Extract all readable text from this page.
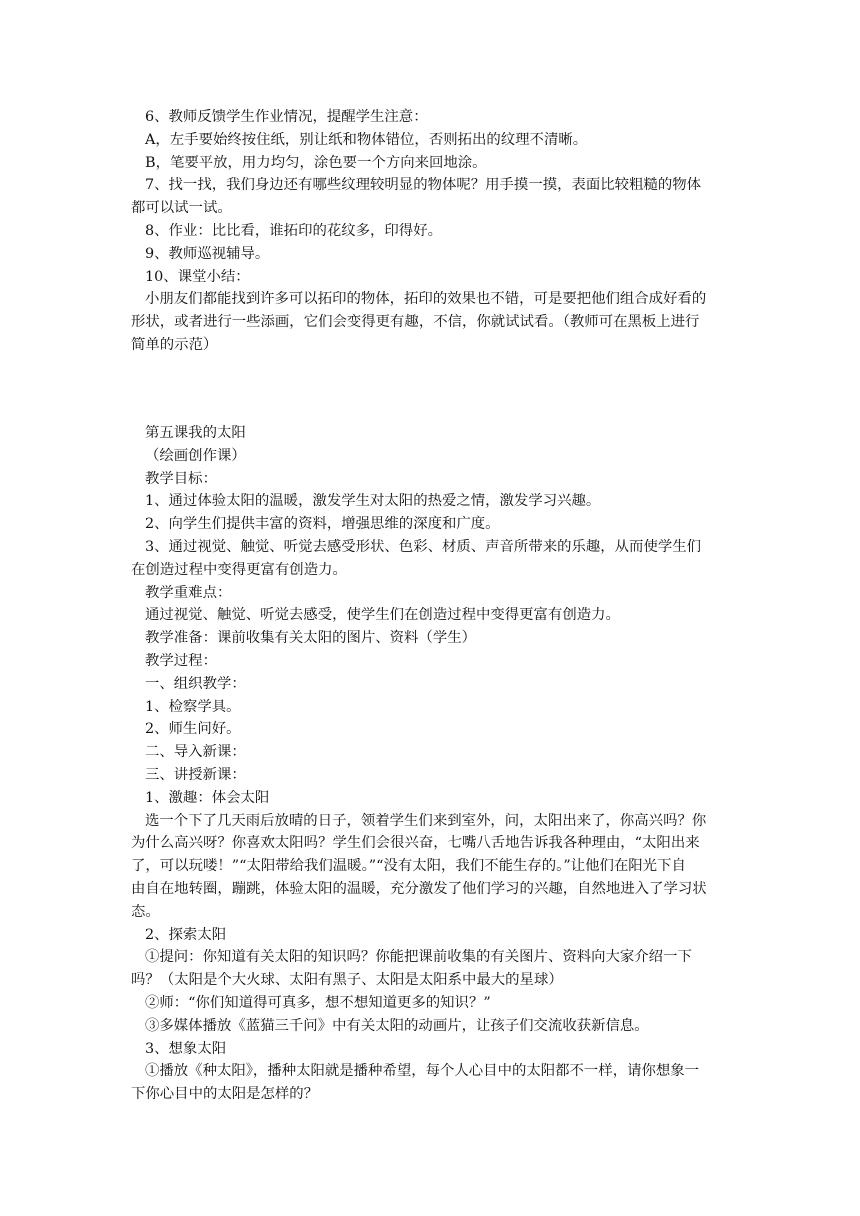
6、教师反馈学生作业情况，提醒学生注意：
A，左手要始终按住纸，别让纸和物体错位，否则拓出的纹理不清晰。
B，笔要平放，用力均匀，涂色要一个方向来回地涂。
7、找一找，我们身边还有哪些纹理较明显的物体呢？用手摸一摸，表面比较粗糙的物体
都可以试一试。
8、作业：比比看，谁拓印的花纹多，印得好。
9、教师巡视辅导。
10、课堂小结：
小朋友们都能找到许多可以拓印的物体，拓印的效果也不错，可是要把他们组合成好看的
形状，或者进行一些添画，它们会变得更有趣，不信，你就试试看。（教师可在黑板上进行
简单的示范）
第五课我的太阳
（绘画创作课）
教学目标：
1、通过体验太阳的温暖，激发学生对太阳的热爱之情，激发学习兴趣。
2、向学生们提供丰富的资料，增强思维的深度和广度。
3、通过视觉、触觉、听觉去感受形状、色彩、材质、声音所带来的乐趣，从而使学生们
在创造过程中变得更富有创造力。
教学重难点：
通过视觉、触觉、听觉去感受，使学生们在创造过程中变得更富有创造力。
教学准备：课前收集有关太阳的图片、资料（学生）
教学过程：
一、组织教学：
1、检察学具。
2、师生问好。
二、导入新课：
三、讲授新课：
1、激趣：体会太阳
选一个下了几天雨后放晴的日子，领着学生们来到室外，问，太阳出来了，你高兴吗？你
为什么高兴呀？你喜欢太阳吗？学生们会很兴奋，七嘴八舌地告诉我各种理由，“太阳出来
了，可以玩喽！”“太阳带给我们温暖。”“没有太阳，我们不能生存的。”让他们在阳光下自
由自在地转圈，蹦跳，体验太阳的温暖，充分激发了他们学习的兴趣，自然地进入了学习状
态。
2、探索太阳
①提问：你知道有关太阳的知识吗？你能把课前收集的有关图片、资料向大家介绍一下
吗？（太阳是个大火球、太阳有黑子、太阳是太阳系中最大的星球）
②师：“你们知道得可真多，想不想知道更多的知识？”
③多媒体播放《蓝猫三千问》中有关太阳的动画片，让孩子们交流收获新信息。
3、想象太阳
①播放《种太阳》，播种太阳就是播种希望，每个人心目中的太阳都不一样，请你想象一
下你心目中的太阳是怎样的？
